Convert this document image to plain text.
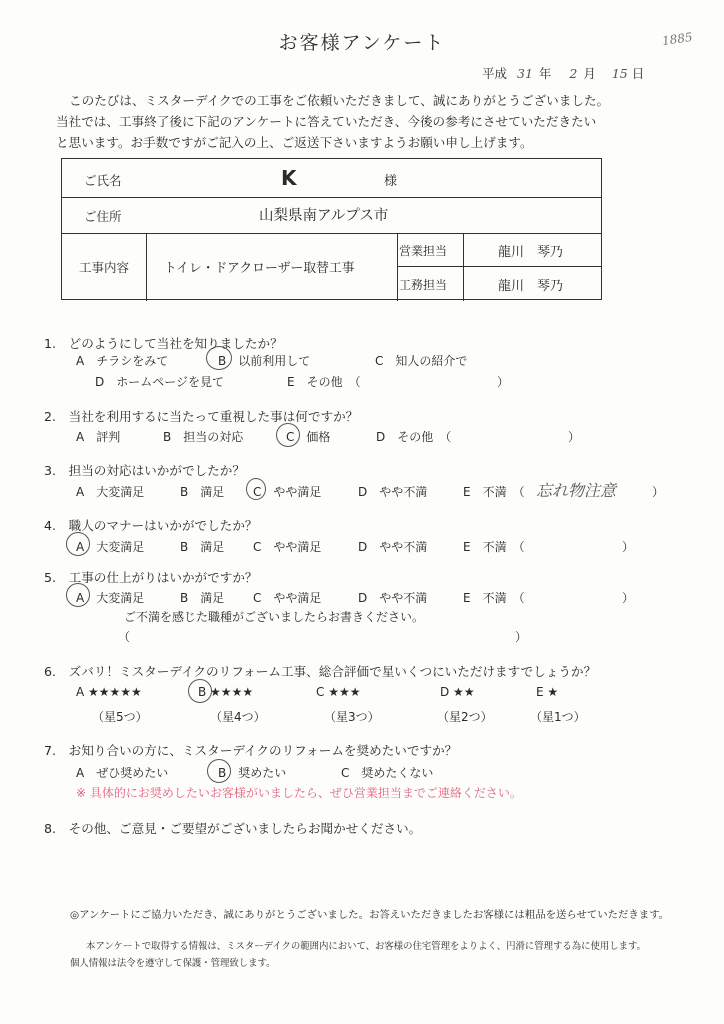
お客様アンケート	1885
平成 31 年 2 月 15 日
このたびは、ミスターデイクでの工事をご依頼いただきまして、誠にありがとうございました。
当社では、工事終了後に下記のアンケートに答えていただき、今後の参考にさせていただきたい
と思います。お手数ですがご記入の上、ご返送下さいますようお願い申し上げます。
ご氏名	K	様
ご住所	山梨県南アルプス市
工事内容	トイレ・ドアクローザー取替工事
営業担当	龍川　琴乃
工務担当	龍川　琴乃
1.　どのようにして当社を知りましたか？
A　チラシをみて	B　以前利用して	C　知人の紹介で
D　ホームページを見て	E　その他　（	）
2.　当社を利用するに当たって重視した事は何ですか？
A　評判	B　担当の対応	C　価格	D　その他　（	）
3.　担当の対応はいかがでしたか？
A　大変満足	B　満足 C　やや満足	D　やや不満	E　不満　（ 忘れ物注意	）
4.　職人のマナーはいかがでしたか？
A　大変満足	B　満足 C　やや満足	D　やや不満	E　不満　（	）
5.　工事の仕上がりはいかがですか？
A　大変満足	B　満足 C　やや満足	D　やや不満	E　不満　（	）
ご不満を感じた職種がございましたらお書きください。
（	）
6.　ズバリ！ミスターデイクのリフォーム工事、総合評価で星いくつにいただけますでしょうか？
A ★★★★★	B ★★★★	C ★★★	D ★★	E ★
（星5つ）	（星4つ）	（星3つ）	（星2つ）	（星1つ）
7.　お知り合いの方に、ミスターデイクのリフォームを奨めたいですか？
A　ぜひ奨めたい	B　奨めたい	C　奨めたくない
※ 具体的にお奨めしたいお客様がいましたら、ぜひ営業担当までご連絡ください。
8.　その他、ご意見・ご要望がございましたらお聞かせください。
◎アンケートにご協力いただき、誠にありがとうございました。お答えいただきましたお客様には粗品を送らせていただきます。
本アンケートで取得する情報は、ミスターデイクの範囲内において、お客様の住宅管理をよりよく、円滑に管理する為に使用します。
個人情報は法令を遵守して保護・管理致します。
